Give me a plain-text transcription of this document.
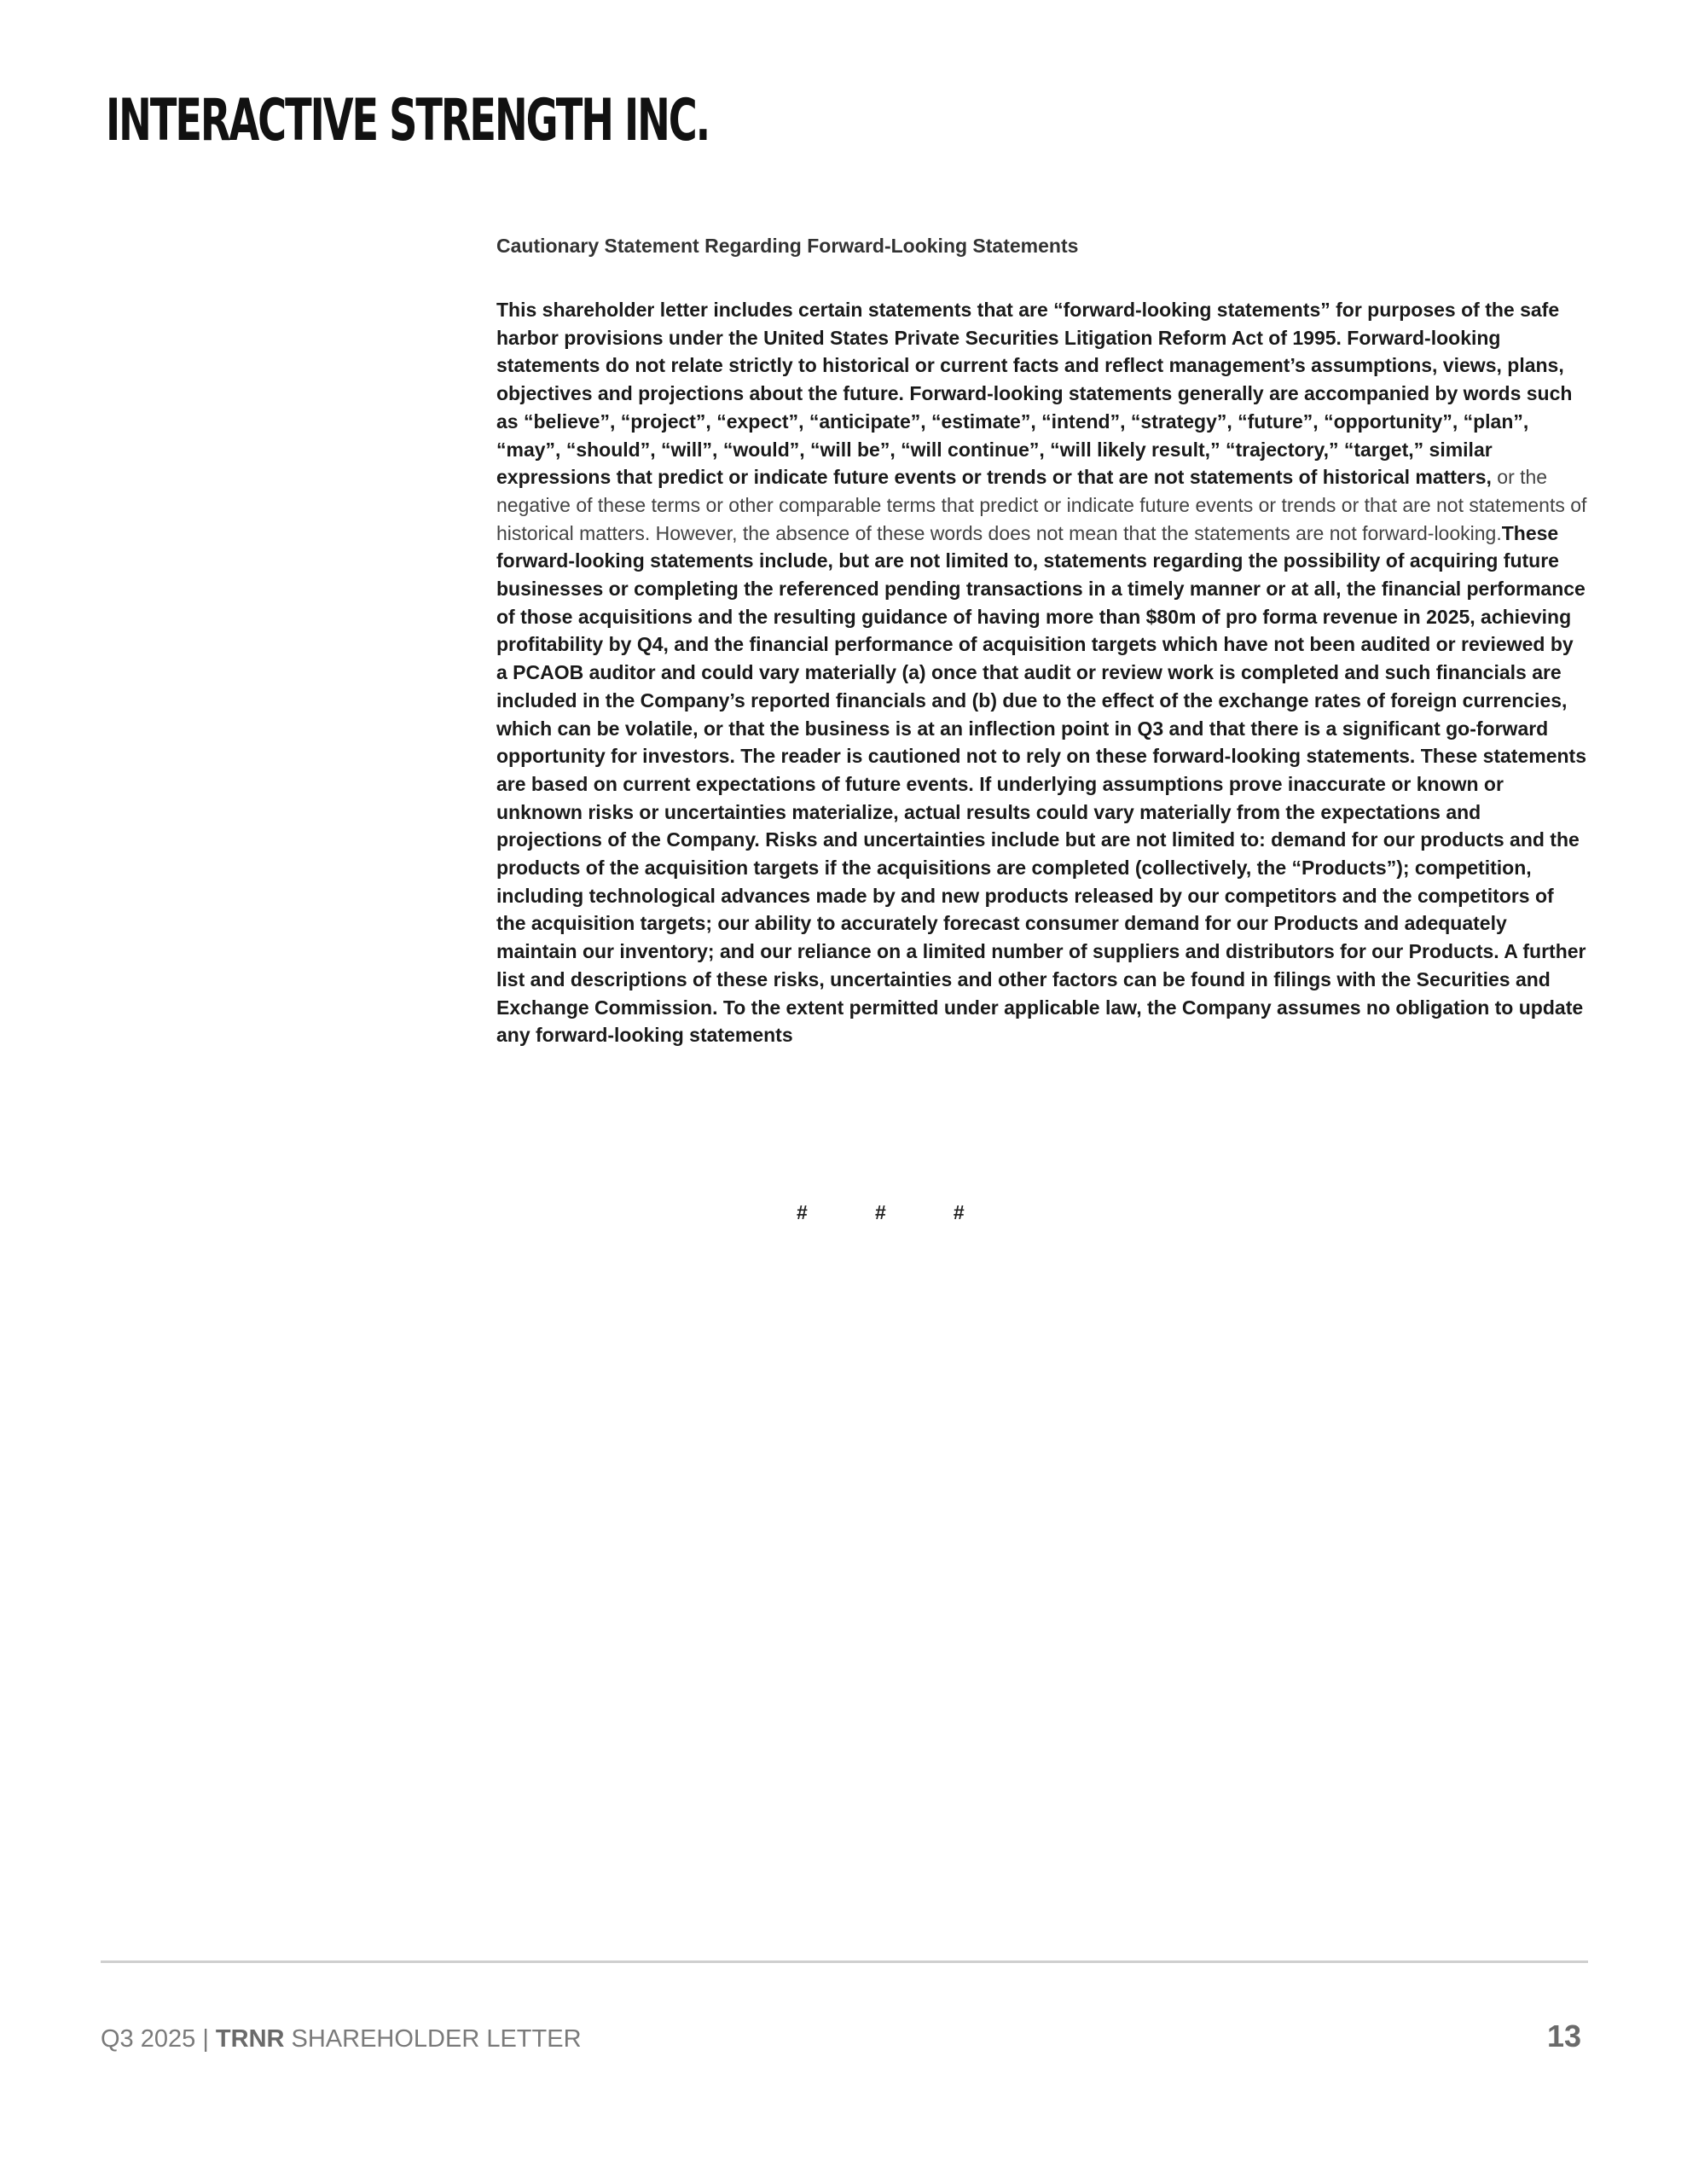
INTERACTIVE STRENGTH INC.
Cautionary Statement Regarding Forward-Looking Statements

This shareholder letter includes certain statements that are “forward-looking statements” for purposes of the safe harbor provisions under the United States Private Securities Litigation Reform Act of 1995. Forward-looking statements do not relate strictly to historical or current facts and reflect management’s assumptions, views, plans, objectives and projections about the future. Forward-looking statements generally are accompanied by words such as “believe”, “project”, “expect”, “anticipate”, “estimate”, “intend”, “strategy”, “future”, “opportunity”, “plan”, “may”, “should”, “will”, “would”, “will be”, “will continue”, “will likely result,” “trajectory,” “target,” similar expressions that predict or indicate future events or trends or that are not statements of historical matters, or the negative of these terms or other comparable terms that predict or indicate future events or trends or that are not statements of historical matters. However, the absence of these words does not mean that the statements are not forward-looking.These forward-looking statements include, but are not limited to, statements regarding the possibility of acquiring future businesses or completing the referenced pending transactions in a timely manner or at all, the financial performance of those acquisitions and the resulting guidance of having more than $80m of pro forma revenue in 2025, achieving profitability by Q4, and the financial performance of acquisition targets which have not been audited or reviewed by a PCAOB auditor and could vary materially (a) once that audit or review work is completed and such financials are included in the Company’s reported financials and (b) due to the effect of the exchange rates of foreign currencies, which can be volatile, or that the business is at an inflection point in Q3 and that there is a significant go-forward opportunity for investors. The reader is cautioned not to rely on these forward-looking statements. These statements are based on current expectations of future events. If underlying assumptions prove inaccurate or known or unknown risks or uncertainties materialize, actual results could vary materially from the expectations and projections of the Company. Risks and uncertainties include but are not limited to: demand for our products and the products of the acquisition targets if the acquisitions are completed (collectively, the “Products”); competition, including technological advances made by and new products released by our competitors and the competitors of the acquisition targets; our ability to accurately forecast consumer demand for our Products and adequately maintain our inventory; and our reliance on a limited number of suppliers and distributors for our Products. A further list and descriptions of these risks, uncertainties and other factors can be found in filings with the Securities and Exchange Commission. To the extent permitted under applicable law, the Company assumes no obligation to update any forward-looking statements

#   #   #
Q3 2025 | TRNR SHAREHOLDER LETTER	13
